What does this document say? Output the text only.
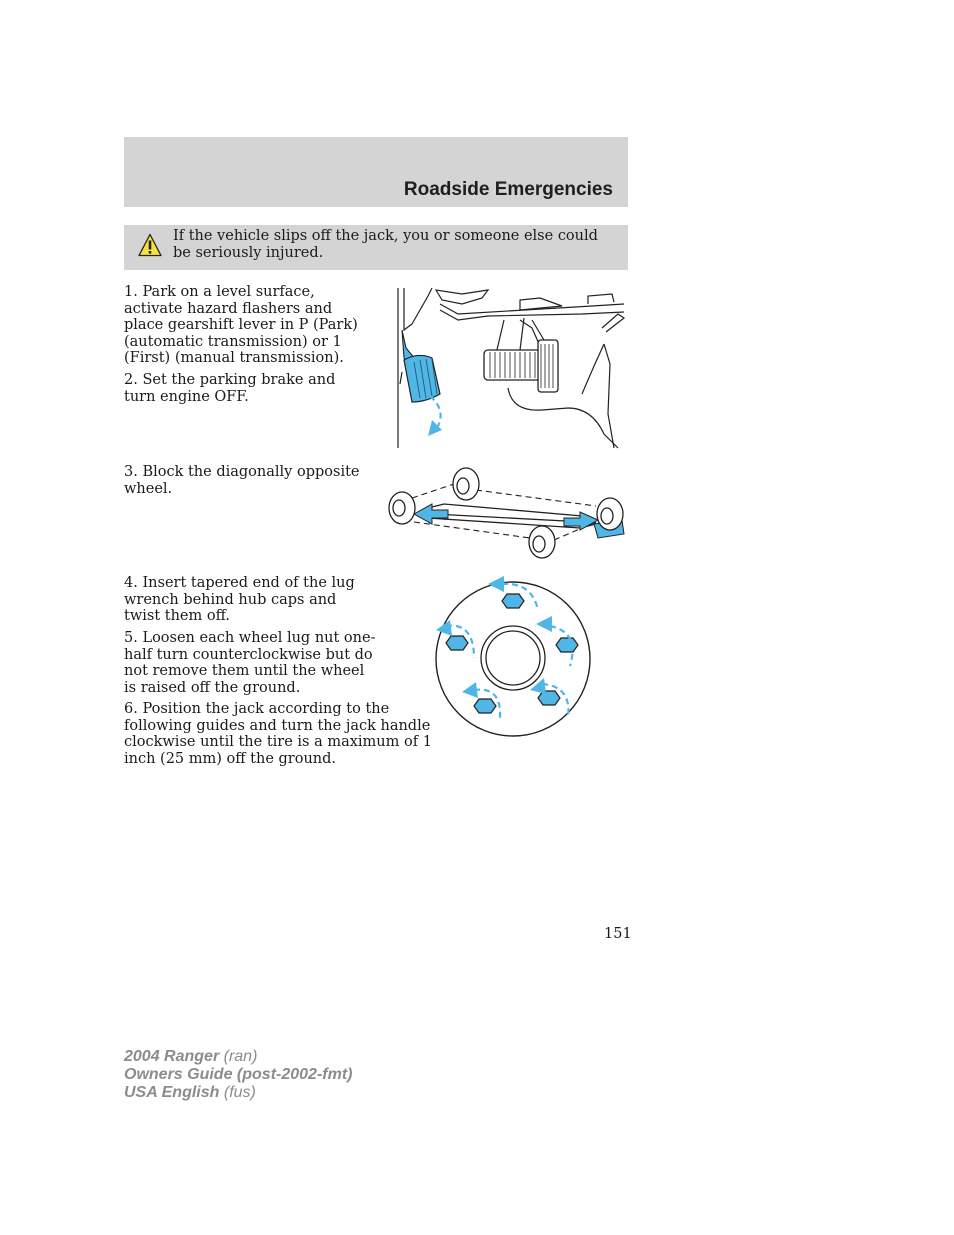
Roadside Emergencies
If the vehicle slips off the jack, you or someone else could be seriously injured.

1. Park on a level surface, activate hazard flashers and place gearshift lever in P (Park) (automatic transmission) or 1 (First) (manual transmission).

2. Set the parking brake and turn engine OFF.

3. Block the diagonally opposite wheel.

4. Insert tapered end of the lug wrench behind hub caps and twist them off.

5. Loosen each wheel lug nut one-half turn counterclockwise but do not remove them until the wheel is raised off the ground.

6. Position the jack according to the following guides and turn the jack handle clockwise until the tire is a maximum of 1 inch (25 mm) off the ground.

151
2004 Ranger (ran)
Owners Guide (post-2002-fmt)
USA English (fus)
